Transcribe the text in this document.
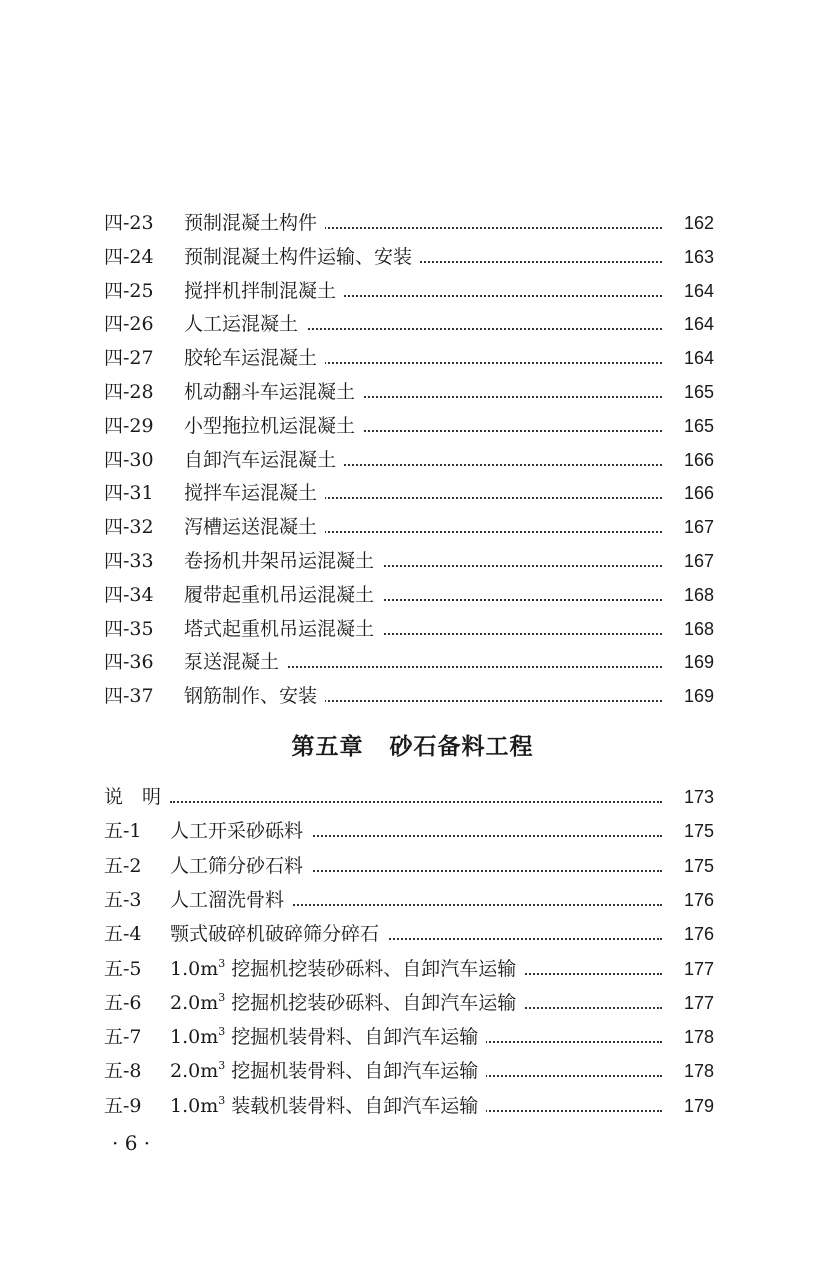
四-23 预制混凝土构件	162
四-24 预制混凝土构件运输、安装	163
四-25 搅拌机拌制混凝土	164
四-26 人工运混凝土	164
四-27 胶轮车运混凝土	164
四-28 机动翻斗车运混凝土	165
四-29 小型拖拉机运混凝土	165
四-30 自卸汽车运混凝土	166
四-31 搅拌车运混凝土	166
四-32 泻槽运送混凝土	167
四-33 卷扬机井架吊运混凝土	167
四-34 履带起重机吊运混凝土	168
四-35 塔式起重机吊运混凝土	168
四-36 泵送混凝土	169
四-37 钢筋制作、安装	169
第五章 砂石备料工程
说　明	173
五-1 人工开采砂砾料	175
五-2 人工筛分砂石料	175
五-3 人工溜洗骨料	176
五-4 颚式破碎机破碎筛分碎石	176
五-5 $1.0m^3$ 挖掘机挖装砂砾料、自卸汽车运输	177
五-6 $2.0m^3$ 挖掘机挖装砂砾料、自卸汽车运输	177
五-7 $1.0m^3$ 挖掘机装骨料、自卸汽车运输	178
五-8 $2.0m^3$ 挖掘机装骨料、自卸汽车运输	178
五-9 $1.0m^3$ 装载机装骨料、自卸汽车运输	179
· 6 ·
